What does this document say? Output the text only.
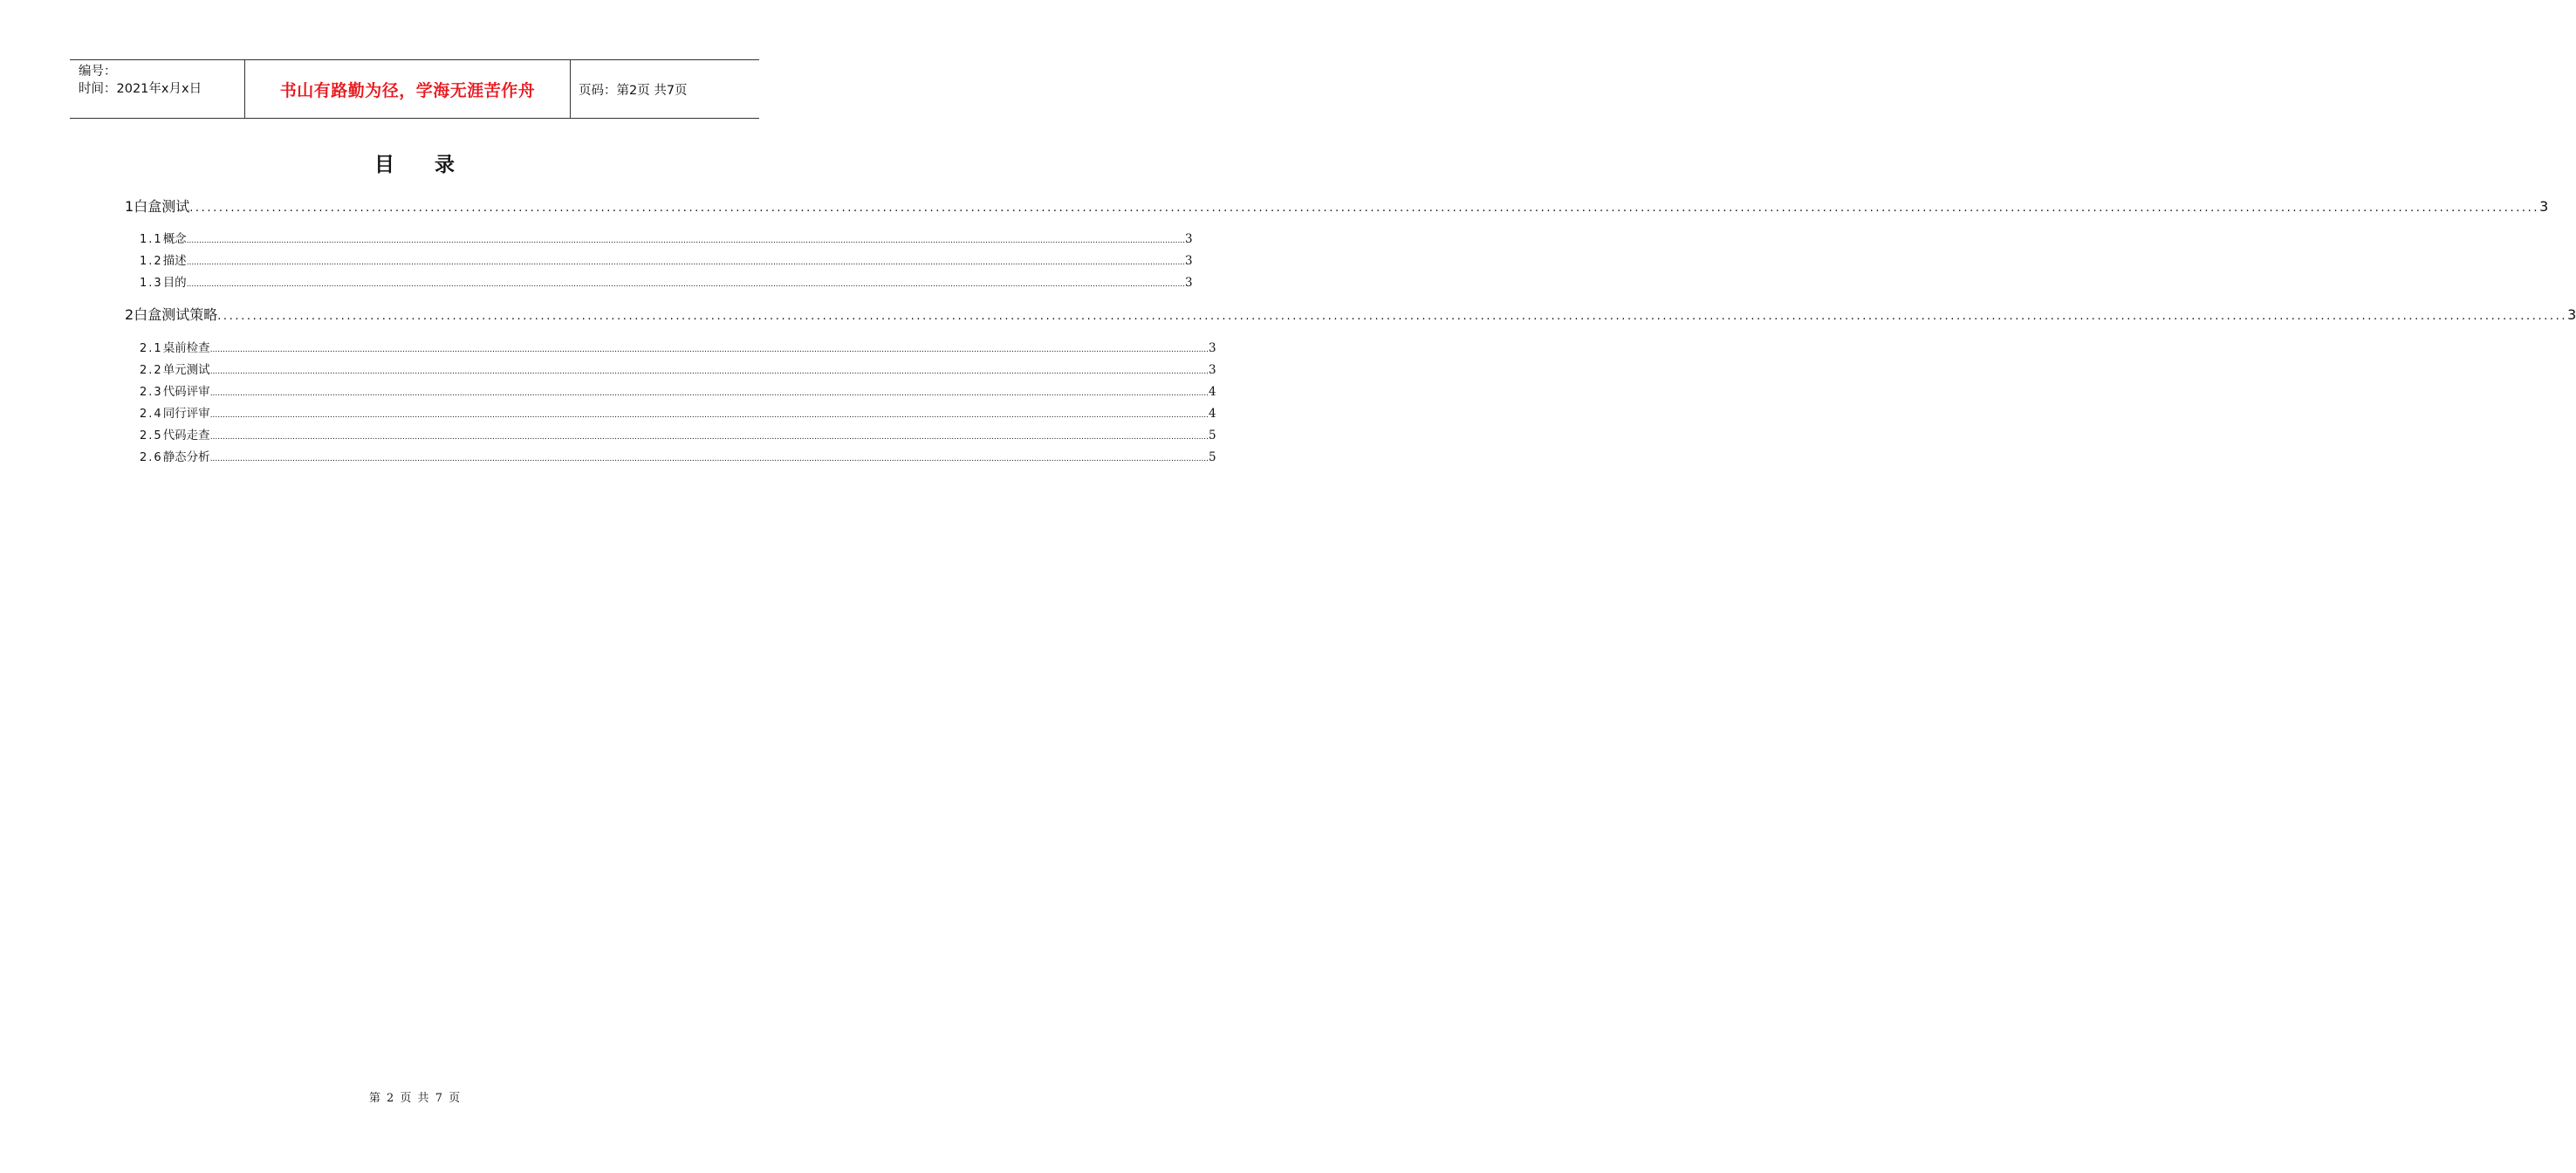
编号：
时间：2021年x月x日	书山有路勤为径，学海无涯苦作舟	页码：第2页 共7页
目录
1 白盒测试 ................................................................................................................................................................................................................................................................................................................................................................................................................ 3
1.1 概念 ................................................................................................................................................................................................................................................................................................................................................................................................................ 3
1.2 描述 ................................................................................................................................................................................................................................................................................................................................................................................................................ 3
1.3 目的 ................................................................................................................................................................................................................................................................................................................................................................................................................ 3
2 白盒测试策略 ................................................................................................................................................................................................................................................................................................................................................................................................................ 3
2.1 桌前检查 ................................................................................................................................................................................................................................................................................................................................................................................................................ 3
2.2 单元测试 ................................................................................................................................................................................................................................................................................................................................................................................................................ 3
2.3 代码评审 ................................................................................................................................................................................................................................................................................................................................................................................................................ 4
2.4 同行评审 ................................................................................................................................................................................................................................................................................................................................................................................................................ 4
2.5 代码走查 ................................................................................................................................................................................................................................................................................................................................................................................................................ 5
2.6 静态分析 ................................................................................................................................................................................................................................................................................................................................................................................................................ 5
第 2 页 共 7 页
